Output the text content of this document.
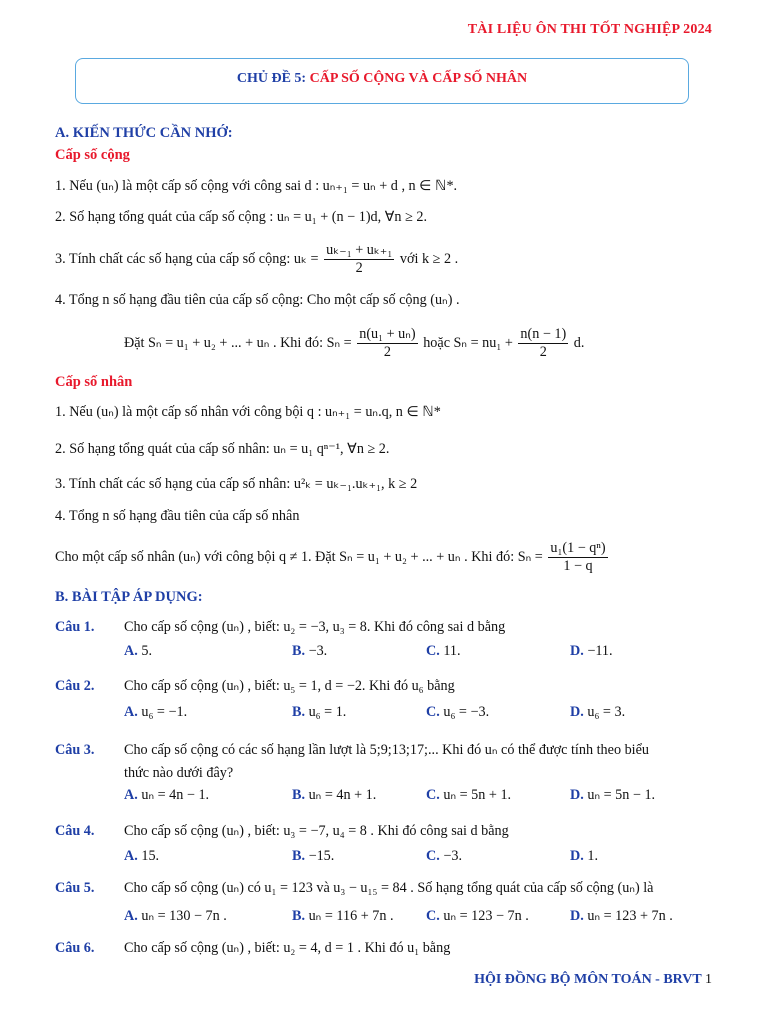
TÀI LIỆU ÔN THI TỐT NGHIỆP 2024
CHỦ ĐỀ 5: CẤP SỐ CỘNG VÀ CẤP SỐ NHÂN
A. KIẾN THỨC CẦN NHỚ:
Cấp số cộng
1. Nếu (uₙ) là một cấp số cộng với công sai d : uₙ₊₁ = uₙ + d , n ∈ ℕ*.
2. Số hạng tổng quát của cấp số cộng : uₙ = u₁ + (n − 1)d, ∀n ≥ 2.
3. Tính chất các số hạng của cấp số cộng: $u_k = \frac{\text{uₖ₋₁ + uₖ₊₁}}{2}$ với k ≥ 2 .
4. Tổng n số hạng đầu tiên của cấp số cộng: Cho một cấp số cộng (uₙ) .
Đặt Sₙ = u₁ + u₂ + ... + uₙ . Khi đó: $S_n = \frac{\text{n(u₁ + uₙ)}}{2}$ hoặc $S_n = nu_1 + \frac{n(n - 1)}{2} d$.
Cấp số nhân
1. Nếu (uₙ) là một cấp số nhân với công bội q : uₙ₊₁ = uₙ.q, n ∈ ℕ*
2. Số hạng tổng quát của cấp số nhân: uₙ = u₁ qⁿ⁻¹, ∀n ≥ 2.
3. Tính chất các số hạng của cấp số nhân: u²ₖ = uₖ₋₁.uₖ₊₁, k ≥ 2
4. Tổng n số hạng đầu tiên của cấp số nhân
Cho một cấp số nhân (uₙ) với công bội q ≠ 1. Đặt Sₙ = u₁ + u₂ + ... + uₙ . Khi đó: $S_n = \frac{\text{u₁(1 − qⁿ)}}{1 - q}$
B. BÀI TẬP ÁP DỤNG:
Câu 1. Cho cấp số cộng (uₙ) , biết: u₂ = −3, u₃ = 8. Khi đó công sai d bằng
A. 5.	B. −3.	C. 11.	D. −11.
Câu 2. Cho cấp số cộng (uₙ) , biết: u₅ = 1, d = −2. Khi đó u₆ bằng
A. u₆ = −1.	B. u₆ = 1.	C. u₆ = −3.	D. u₆ = 3.
Câu 3. Cho cấp số cộng có các số hạng lần lượt là 5;9;13;17;... Khi đó uₙ có thể được tính theo biểu
thức nào dưới đây?
A. uₙ = 4n − 1.	B. uₙ = 4n + 1.	C. uₙ = 5n + 1.	D. uₙ = 5n − 1.
Câu 4. Cho cấp số cộng (uₙ) , biết: u₃ = −7, u₄ = 8 . Khi đó công sai d bằng
A. 15.	B. −15.	C. −3.	D. 1.
Câu 5. Cho cấp số cộng (uₙ) có u₁ = 123 và u₃ − u₁₅ = 84 . Số hạng tổng quát của cấp số cộng (uₙ) là
A. uₙ = 130 − 7n .	B. uₙ = 116 + 7n . C. uₙ = 123 − 7n .	D. uₙ = 123 + 7n .
Câu 6. Cho cấp số cộng (uₙ) , biết: u₂ = 4, d = 1 . Khi đó u₁ bằng
HỘI ĐỒNG BỘ MÔN TOÁN - BRVT 1
